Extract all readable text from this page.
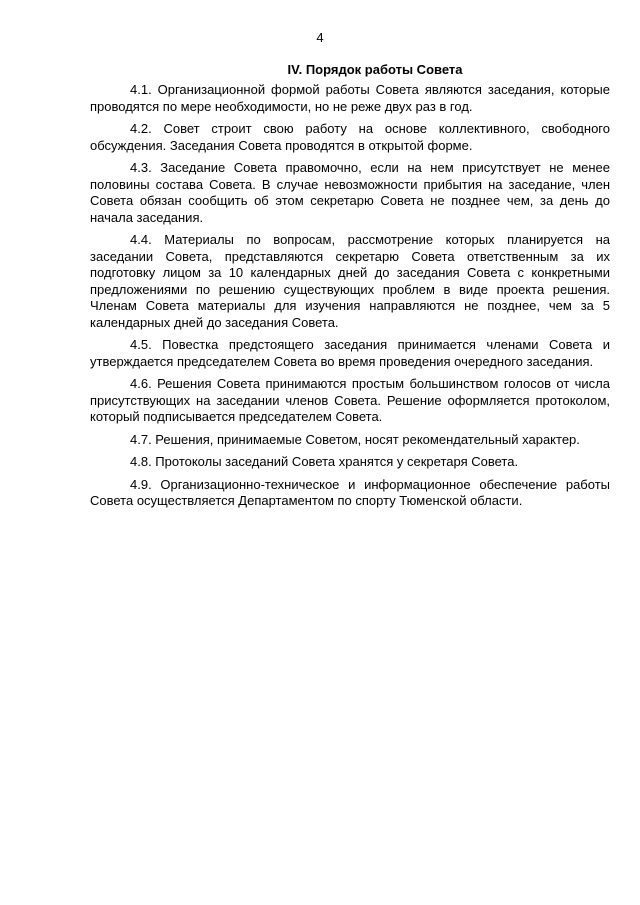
4
IV. Порядок работы Совета

4.1. Организационной формой работы Совета являются заседания, которые проводятся по мере необходимости, но не реже двух раз в год.

4.2. Совет строит свою работу на основе коллективного, свободного обсуждения. Заседания Совета проводятся в открытой форме.

4.3. Заседание Совета правомочно, если на нем присутствует не менее половины состава Совета. В случае невозможности прибытия на заседание, член Совета обязан сообщить об этом секретарю Совета не позднее чем, за день до начала заседания.

4.4. Материалы по вопросам, рассмотрение которых планируется на заседании Совета, представляются секретарю Совета ответственным за их подготовку лицом за 10 календарных дней до заседания Совета с конкретными предложениями по решению существующих проблем в виде проекта решения. Членам Совета материалы для изучения направляются не позднее, чем за 5 календарных дней до заседания Совета.

4.5. Повестка предстоящего заседания принимается членами Совета и утверждается председателем Совета во время проведения очередного заседания.

4.6. Решения Совета принимаются простым большинством голосов от числа присутствующих на заседании членов Совета. Решение оформляется протоколом, который подписывается председателем Совета.

4.7. Решения, принимаемые Советом, носят рекомендательный характер.

4.8. Протоколы заседаний Совета хранятся у секретаря Совета.

4.9. Организационно-техническое и информационное обеспечение работы Совета осуществляется Департаментом по спорту Тюменской области.
